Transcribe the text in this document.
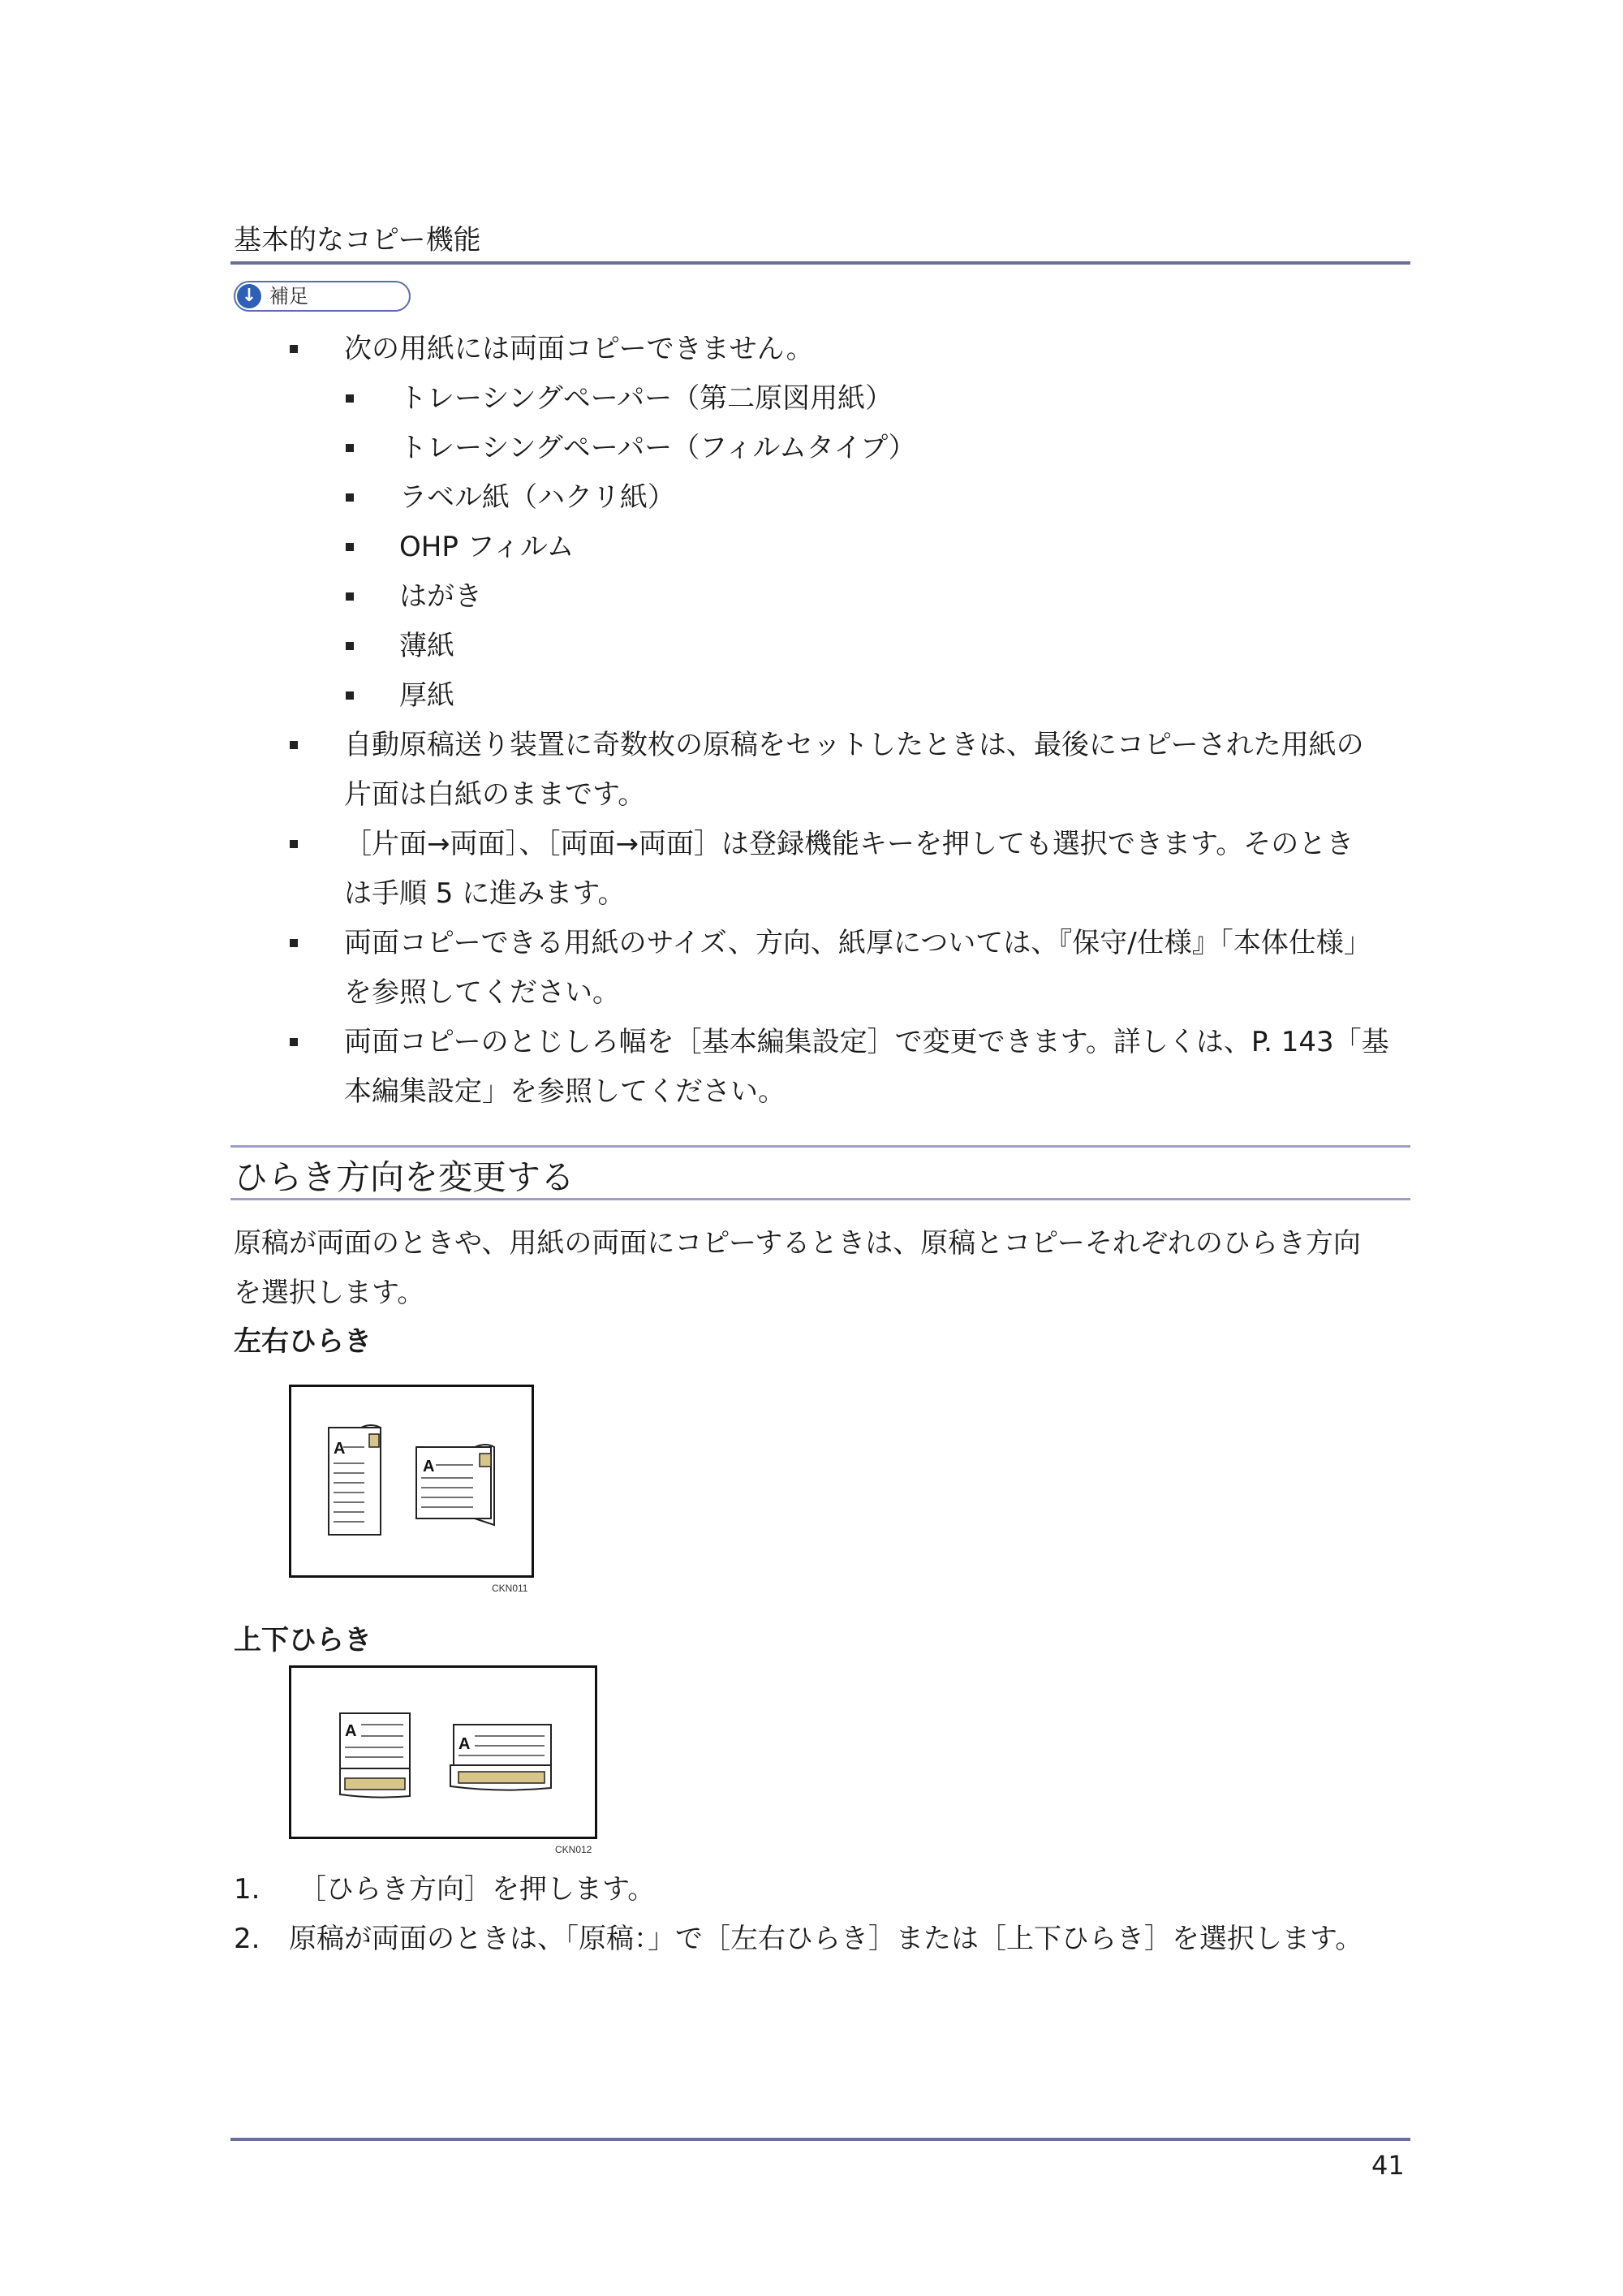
基本的なコピー機能
↓ 補足
次の用紙には両面コピーできません。
トレーシングペーパー（第二原図用紙）
トレーシングペーパー（フィルムタイプ）
ラベル紙（ハクリ紙）
OHP フィルム
はがき
薄紙
厚紙
自動原稿送り装置に奇数枚の原稿をセットしたときは、最後にコピーされた用紙の
片面は白紙のままです。
［片面→両面］、［両面→両面］は登録機能キーを押しても選択できます。そのとき
は手順 5 に進みます。
両面コピーできる用紙のサイズ、方向、紙厚については、『保守/仕様』「本体仕様」
を参照してください。
両面コピーのとじしろ幅を［基本編集設定］で変更できます。詳しくは、P. 143「基
本編集設定」を参照してください。
ひらき方向を変更する
原稿が両面のときや、用紙の両面にコピーするときは、原稿とコピーそれぞれのひらき方向
を選択します。
左右ひらき
A
A
CKN011
上下ひらき
A
A
CKN012
1. ［ひらき方向］を押します。
2. 原稿が両面のときは、「原稿：」で［左右ひらき］または［上下ひらき］を選択します。
41
